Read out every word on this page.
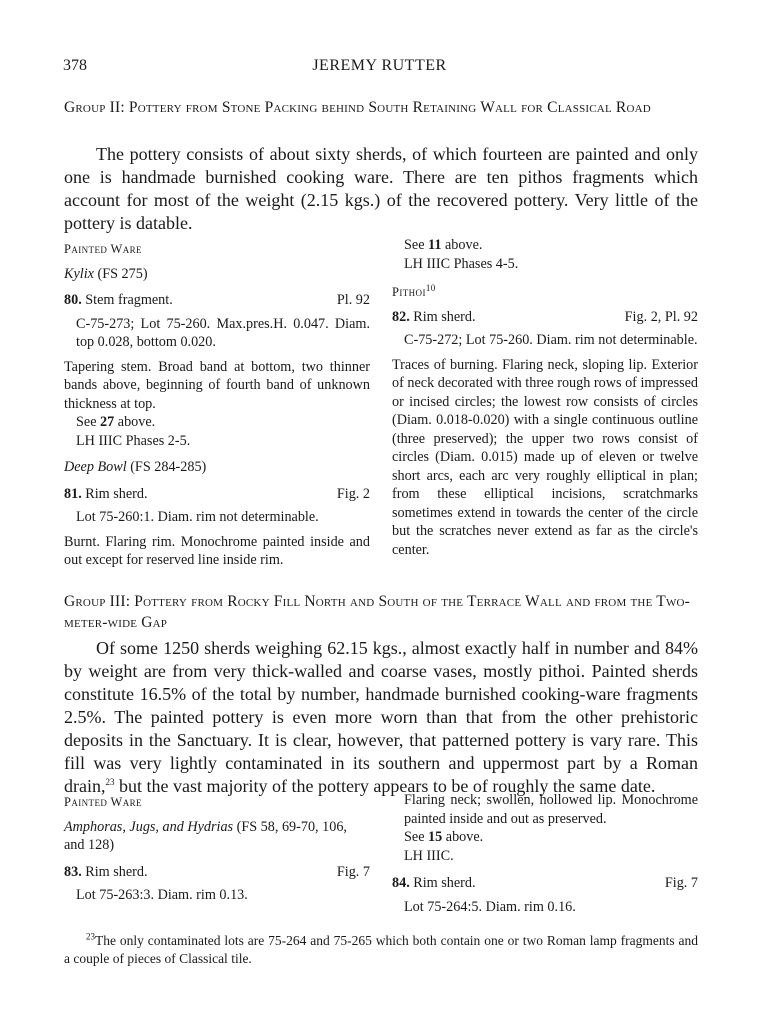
378	JEREMY RUTTER
Group II: Pottery from Stone Packing behind South Retaining Wall for Classical Road
The pottery consists of about sixty sherds, of which fourteen are painted and only one is handmade burnished cooking ware. There are ten pithos fragments which account for most of the weight (2.15 kgs.) of the recovered pottery. Very little of the pottery is datable.

Painted Ware

Kylix (FS 275)

80. Stem fragment.	Pl. 92

C-75-273; Lot 75-260. Max.pres.H. 0.047. Diam. top 0.028, bottom 0.020.

Tapering stem. Broad band at bottom, two thinner bands above, beginning of fourth band of unknown thickness at top.

See 27 above.

LH IIIC Phases 2-5.

Deep Bowl (FS 284-285)

81. Rim sherd.	Fig. 2

Lot 75-260:1. Diam. rim not determinable.

Burnt. Flaring rim. Monochrome painted inside and out except for reserved line inside rim.

See 11 above.

LH IIIC Phases 4-5.

Pithoi$^{10}$

82. Rim sherd.	Fig. 2, Pl. 92

C-75-272; Lot 75-260. Diam. rim not determinable.

Traces of burning. Flaring neck, sloping lip. Exterior of neck decorated with three rough rows of impressed or incised circles; the lowest row consists of circles (Diam. 0.018-0.020) with a single continuous outline (three preserved); the upper two rows consist of circles (Diam. 0.015) made up of eleven or twelve short arcs, each arc very roughly elliptical in plan; from these elliptical incisions, scratchmarks sometimes extend in towards the center of the circle but the scratches never extend as far as the circle's center.

Group III: Pottery from Rocky Fill North and South of the Terrace Wall and from the Two-meter-wide Gap
Of some 1250 sherds weighing 62.15 kgs., almost exactly half in number and 84% by weight are from very thick-walled and coarse vases, mostly pithoi. Painted sherds constitute 16.5% of the total by number, handmade burnished cooking-ware fragments 2.5%. The painted pottery is even more worn than that from the other prehistoric deposits in the Sanctuary. It is clear, however, that patterned pottery is vary rare. This fill was very lightly contaminated in its southern and uppermost part by a Roman drain,$^{23}$ but the vast majority of the pottery appears to be of roughly the same date.

Painted Ware

Amphoras, Jugs, and Hydrias (FS 58, 69-70, 106, and 128)

83. Rim sherd.	Fig. 7

Lot 75-263:3. Diam. rim 0.13.

Flaring neck; swollen, hollowed lip. Monochrome painted inside and out as preserved.

See 15 above.

LH IIIC.

84. Rim sherd.	Fig. 7

Lot 75-264:5. Diam. rim 0.16.

$^{23}$The only contaminated lots are 75-264 and 75-265 which both contain one or two Roman lamp fragments and a couple of pieces of Classical tile.
